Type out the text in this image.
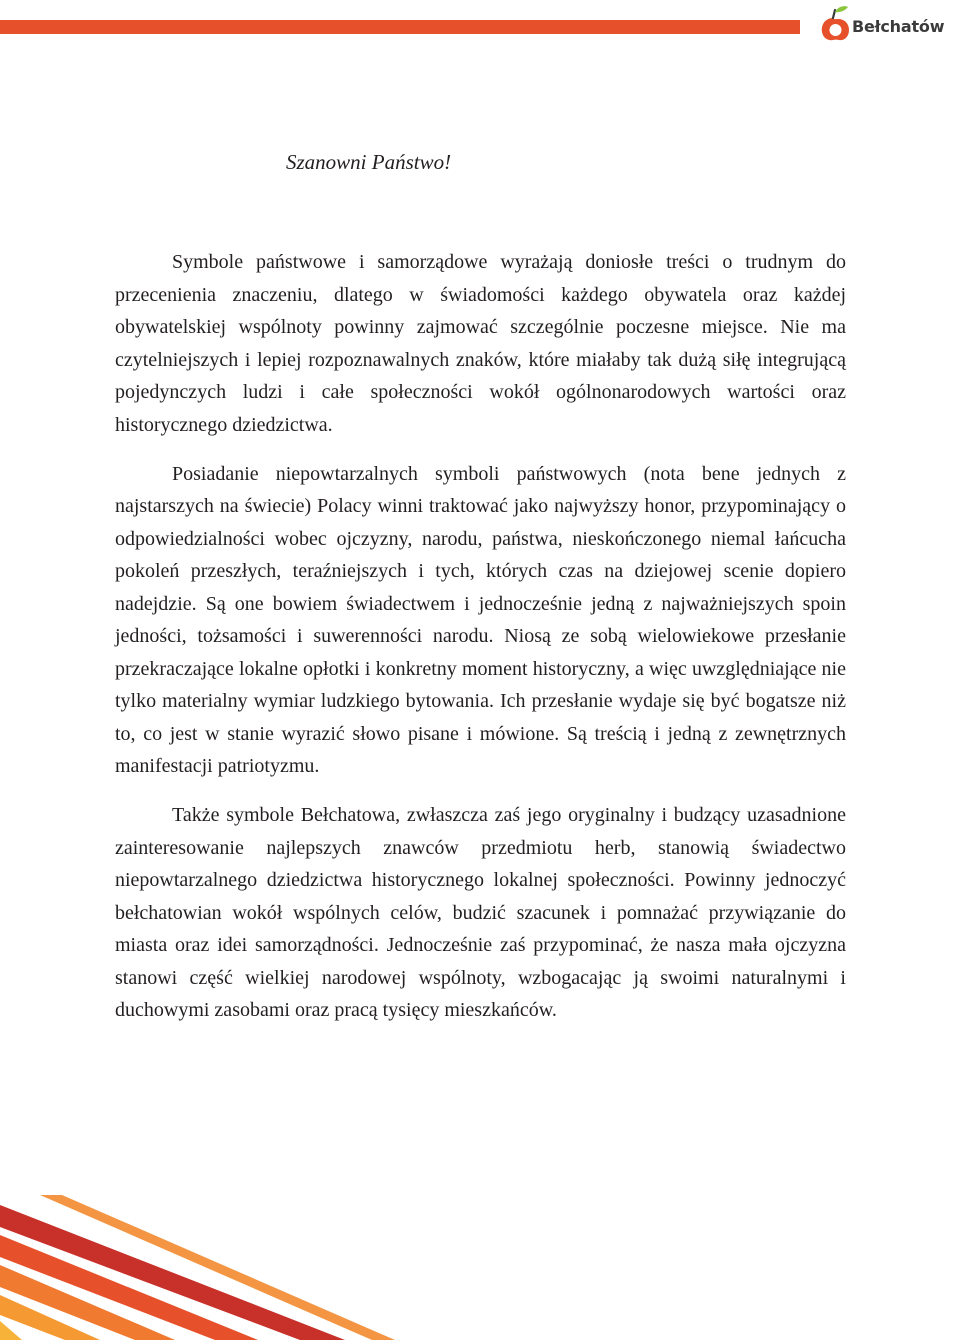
Bełchatów

Szanowni Państwo!

Symbole państwowe i samorządowe wyrażają doniosłe treści o trudnym do przecenienia znaczeniu, dlatego w świadomości każdego obywatela oraz każdej obywatelskiej wspólnoty powinny zajmować szczególnie poczesne miejsce. Nie ma czytelniejszych i lepiej rozpoznawalnych znaków, które miałaby tak dużą siłę integrującą pojedynczych ludzi i całe społeczności wokół ogólnonarodowych wartości oraz historycznego dziedzictwa.

Posiadanie niepowtarzalnych symboli państwowych (nota bene jednych z najstarszych na świecie) Polacy winni traktować jako najwyższy honor, przypominający o odpowiedzialności wobec ojczyzny, narodu, państwa, nieskończonego niemal łańcucha pokoleń przeszłych, teraźniejszych i tych, których czas na dziejowej scenie dopiero nadejdzie. Są one bowiem świadectwem i jednocześnie jedną z najważniejszych spoin jedności, tożsamości i suwerenności narodu. Niosą ze sobą wielowiekowe przesłanie przekraczające lokalne opłotki i konkretny moment historyczny, a więc uwzględniające nie tylko materialny wymiar ludzkiego bytowania. Ich przesłanie wydaje się być bogatsze niż to, co jest w stanie wyrazić słowo pisane i mówione. Są treścią i jedną z zewnętrznych manifestacji patriotyzmu.

Także symbole Bełchatowa, zwłaszcza zaś jego oryginalny i budzący uzasadnione zainteresowanie najlepszych znawców przedmiotu herb, stanowią świadectwo niepowtarzalnego dziedzictwa historycznego lokalnej społeczności. Powinny jednoczyć bełchatowian wokół wspólnych celów, budzić szacunek i pomnażać przywiązanie do miasta oraz idei samorządności. Jednocześnie zaś przypominać, że nasza mała ojczyzna stanowi część wielkiej narodowej wspólnoty, wzbogacając ją swoimi naturalnymi i duchowymi zasobami oraz pracą tysięcy mieszkańców.
